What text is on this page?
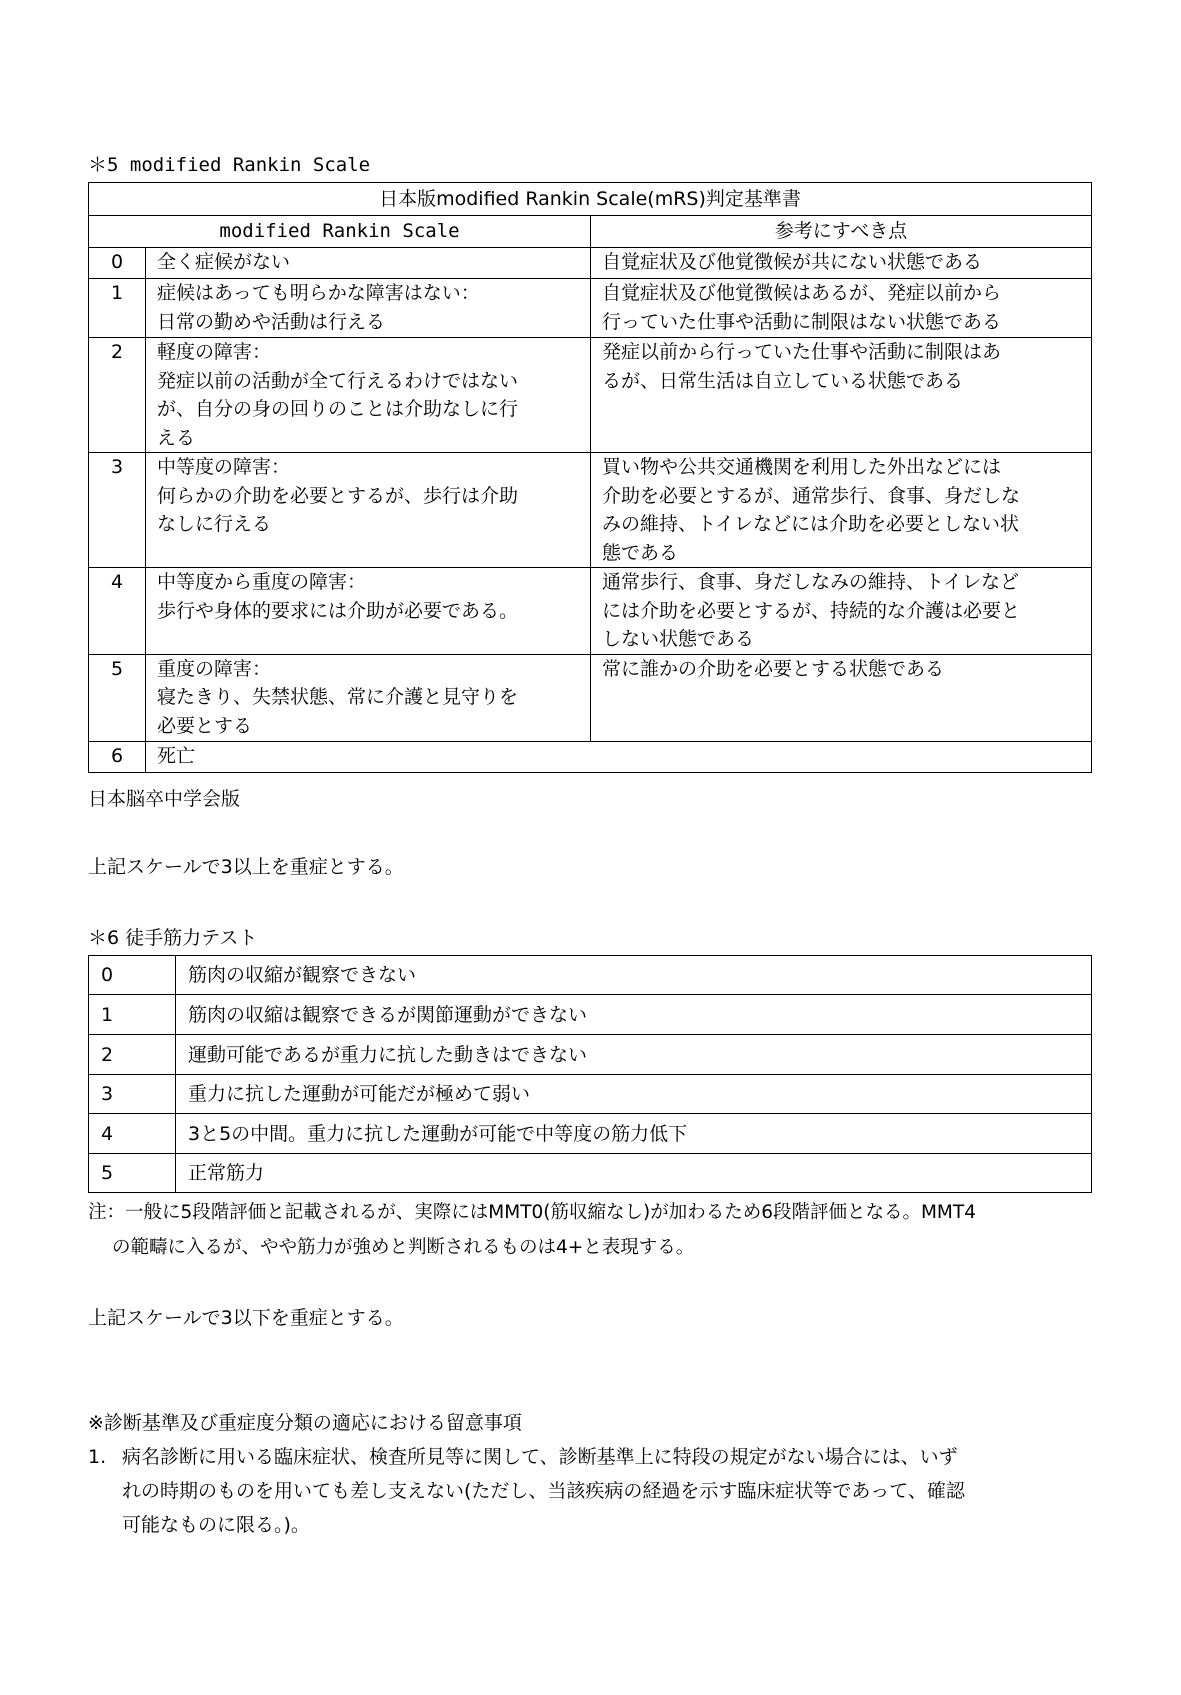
＊5 modified Rankin Scale
日本版modified Rankin Scale(mRS)判定基準書		
modified Rankin Scale		参考にすべき点
0	全く症候がない	自覚症状及び他覚徴候が共にない状態である

1	症候はあっても明らかな障害はない：
日常の勤めや活動は行える	自覚症状及び他覚徴候はあるが、発症以前から
行っていた仕事や活動に制限はない状態である

2	軽度の障害：
発症以前の活動が全て行えるわけではない
が、自分の身の回りのことは介助なしに行
える	発症以前から行っていた仕事や活動に制限はあ
るが、日常生活は自立している状態である

3	中等度の障害：
何らかの介助を必要とするが、歩行は介助
なしに行える	買い物や公共交通機関を利用した外出などには
介助を必要とするが、通常歩行、食事、身だしな
みの維持、トイレなどには介助を必要としない状
態である

4	中等度から重度の障害：
歩行や身体的要求には介助が必要である。	通常歩行、食事、身だしなみの維持、トイレなど
には介助を必要とするが、持続的な介護は必要と
しない状態である

5	重度の障害：
寝たきり、失禁状態、常に介護と見守りを
必要とする	常に誰かの介助を必要とする状態である

6	死亡	
日本脳卒中学会版
上記スケールで3以上を重症とする。
＊6 徒手筋力テスト
0	筋肉の収縮が観察できない
1	筋肉の収縮は観察できるが関節運動ができない
2	運動可能であるが重力に抗した動きはできない
3	重力に抗した運動が可能だが極めて弱い
4	3と5の中間。重力に抗した運動が可能で中等度の筋力低下
5	正常筋力
注：一般に5段階評価と記載されるが、実際にはMMT0(筋収縮なし)が加わるため6段階評価となる。MMT4
の範疇に入るが、やや筋力が強めと判断されるものは4+と表現する。
上記スケールで3以下を重症とする。
※診断基準及び重症度分類の適応における留意事項
1. 病名診断に用いる臨床症状、検査所見等に関して、診断基準上に特段の規定がない場合には、いず
れの時期のものを用いても差し支えない(ただし、当該疾病の経過を示す臨床症状等であって、確認
可能なものに限る。)。
